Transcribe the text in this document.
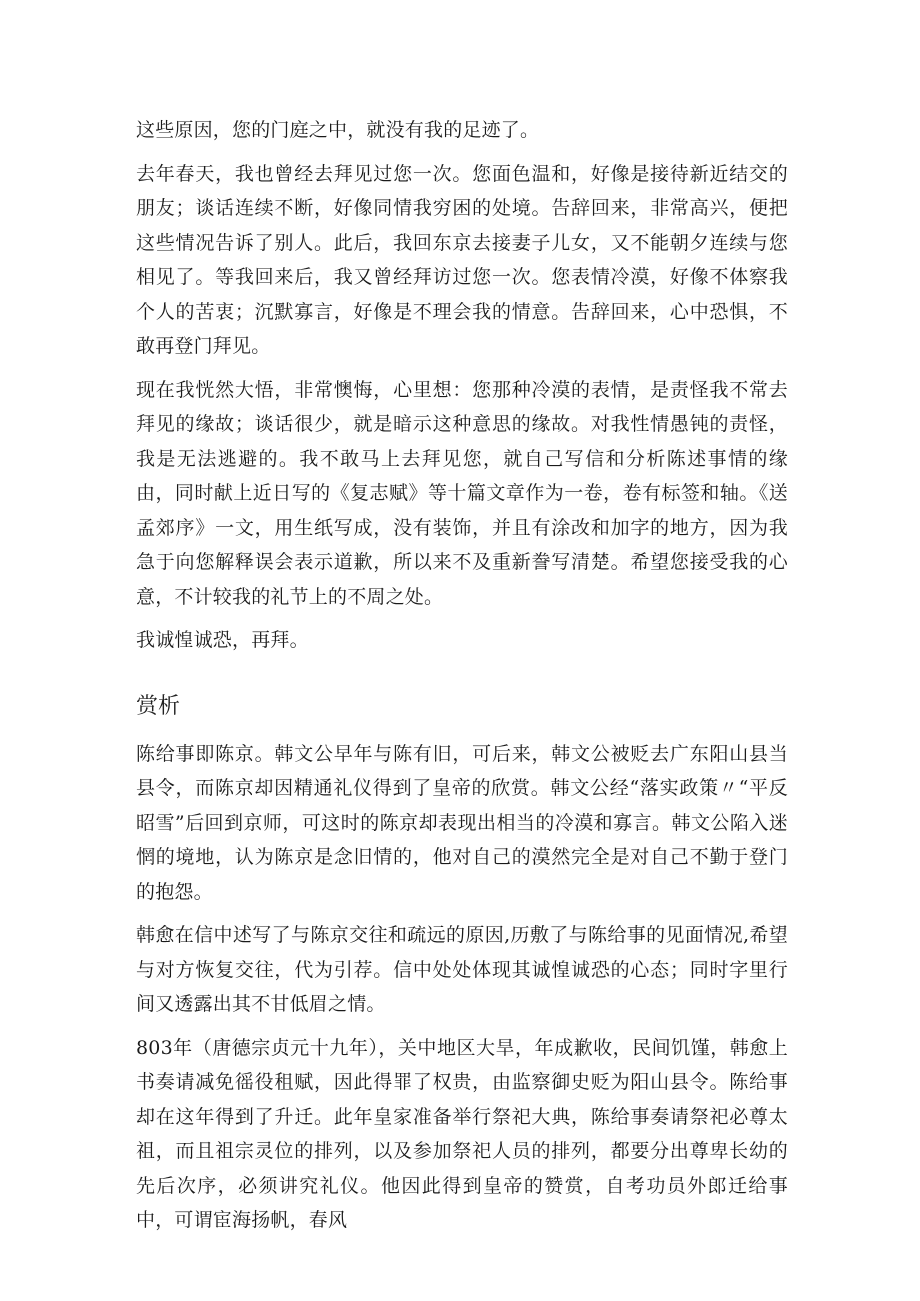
这些原因，您的门庭之中，就没有我的足迹了。

去年春天，我也曾经去拜见过您一次。您面色温和，好像是接待新近结交的朋友；谈话连续不断，好像同情我穷困的处境。告辞回来，非常高兴，便把这些情况告诉了别人。此后，我回东京去接妻子儿女，又不能朝夕连续与您相见了。等我回来后，我又曾经拜访过您一次。您表情冷漠，好像不体察我个人的苦衷；沉默寡言，好像是不理会我的情意。告辞回来，心中恐惧，不敢再登门拜见。

现在我恍然大悟，非常懊悔，心里想：您那种冷漠的表情，是责怪我不常去拜见的缘故；谈话很少，就是暗示这种意思的缘故。对我性情愚钝的责怪，我是无法逃避的。我不敢马上去拜见您，就自己写信和分析陈述事情的缘由，同时献上近日写的《复志赋》等十篇文章作为一卷，卷有标签和轴。《送孟郊序》一文，用生纸写成，没有装饰，并且有涂改和加字的地方，因为我急于向您解释误会表示道歉，所以来不及重新誊写清楚。希望您接受我的心意，不计较我的礼节上的不周之处。

我诚惶诚恐，再拜。

赏析

陈给事即陈京。韩文公早年与陈有旧，可后来，韩文公被贬去广东阳山县当县令，而陈京却因精通礼仪得到了皇帝的欣赏。韩文公经“落实政策〃“平反昭雪”后回到京师，可这时的陈京却表现出相当的冷漠和寡言。韩文公陷入迷惘的境地，认为陈京是念旧情的，他对自己的漠然完全是对自己不勤于登门的抱怨。

韩愈在信中述写了与陈京交往和疏远的原因,历敷了与陈给事的见面情况,希望与对方恢复交往，代为引荐。信中处处体现其诚惶诚恐的心态；同时字里行间又透露出其不甘低眉之情。

803年（唐德宗贞元十九年），关中地区大旱，年成歉收，民间饥馑，韩愈上书奏请减免徭役租赋，因此得罪了权贵，由监察御史贬为阳山县令。陈给事却在这年得到了升迁。此年皇家准备举行祭祀大典，陈给事奏请祭祀必尊太祖，而且祖宗灵位的排列，以及参加祭祀人员的排列，都要分出尊卑长幼的先后次序，必须讲究礼仪。他因此得到皇帝的赞赏，自考功员外郎迁给事中，可谓宦海扬帆，春风
